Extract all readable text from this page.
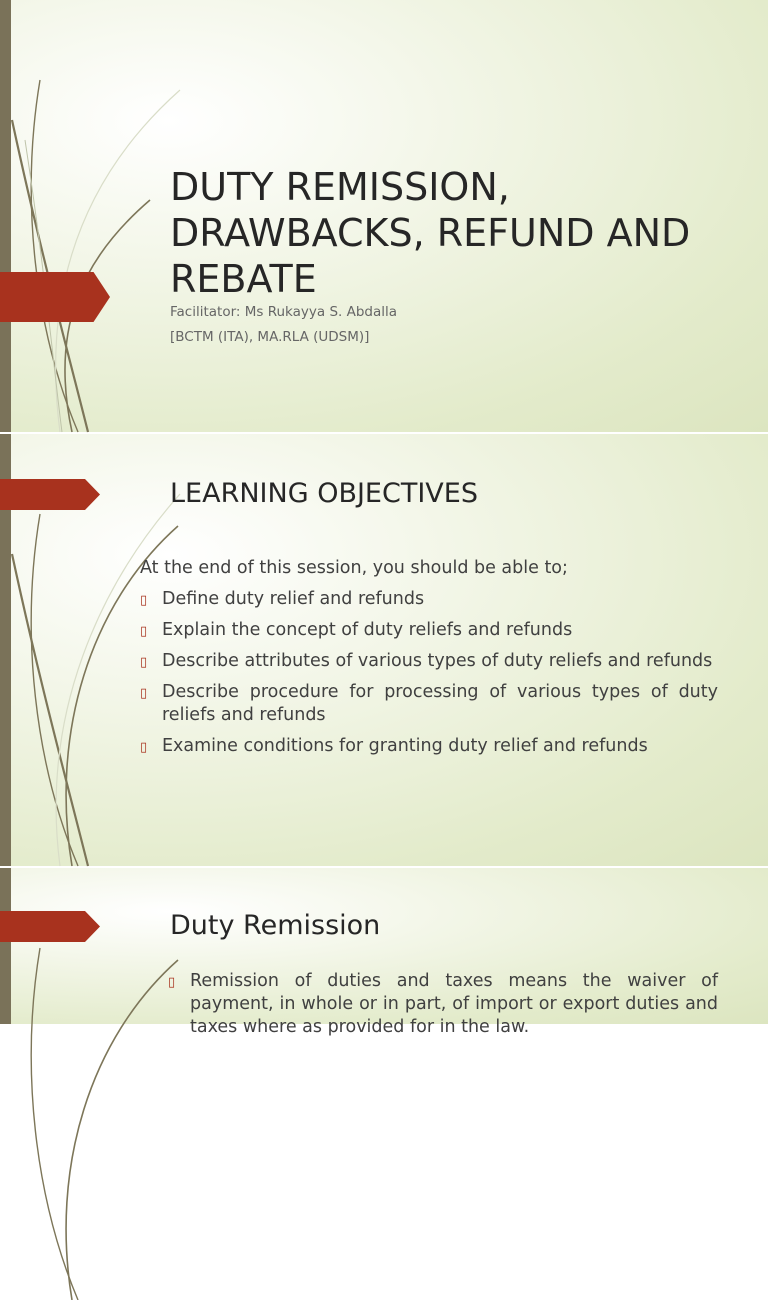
DUTY REMISSION,
DRAWBACKS, REFUND AND
REBATE

Facilitator: Ms Rukayya S. Abdalla

[BCTM (ITA), MA.RLA (UDSM)]

LEARNING OBJECTIVES

At the end of this session, you should be able to;

▯ Define duty relief and refunds
▯ Explain the concept of duty reliefs and refunds
▯ Describe attributes of various types of duty reliefs and refunds
▯ Describe procedure for processing of various types of duty reliefs and refunds
▯ Examine conditions for granting duty relief and refunds
Duty Remission
▯ Remission of duties and taxes means the waiver of payment, in whole or in part, of import or export duties and taxes where as provided for in the law.
